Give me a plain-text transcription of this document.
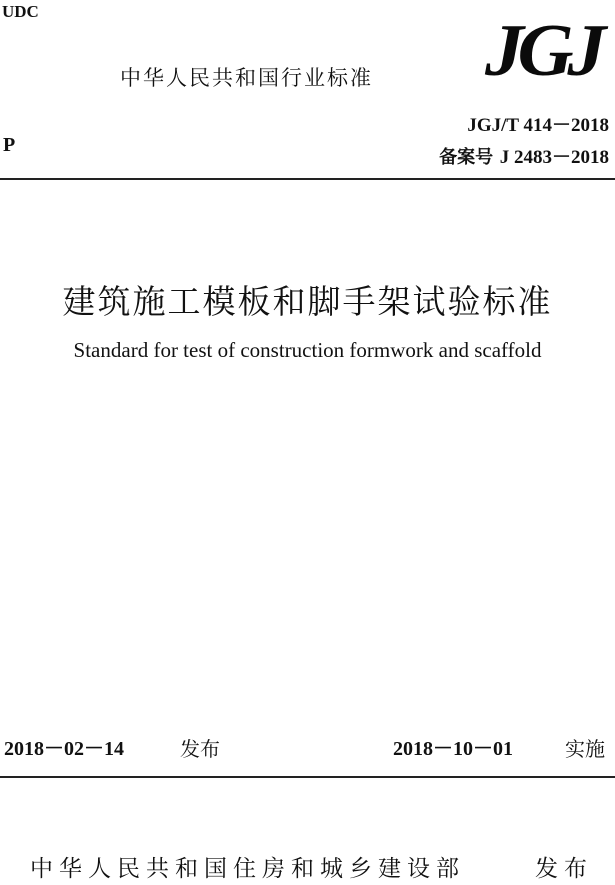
UDC
中华人民共和国行业标准 JGJ
P
JGJ/T 414－2018
备案号 J 2483－2018
建筑施工模板和脚手架试验标准
Standard for test of construction formwork and scaffold
2018－02－14	发布	2018－10－01	实施
中华人民共和国住房和城乡建设部	发布
